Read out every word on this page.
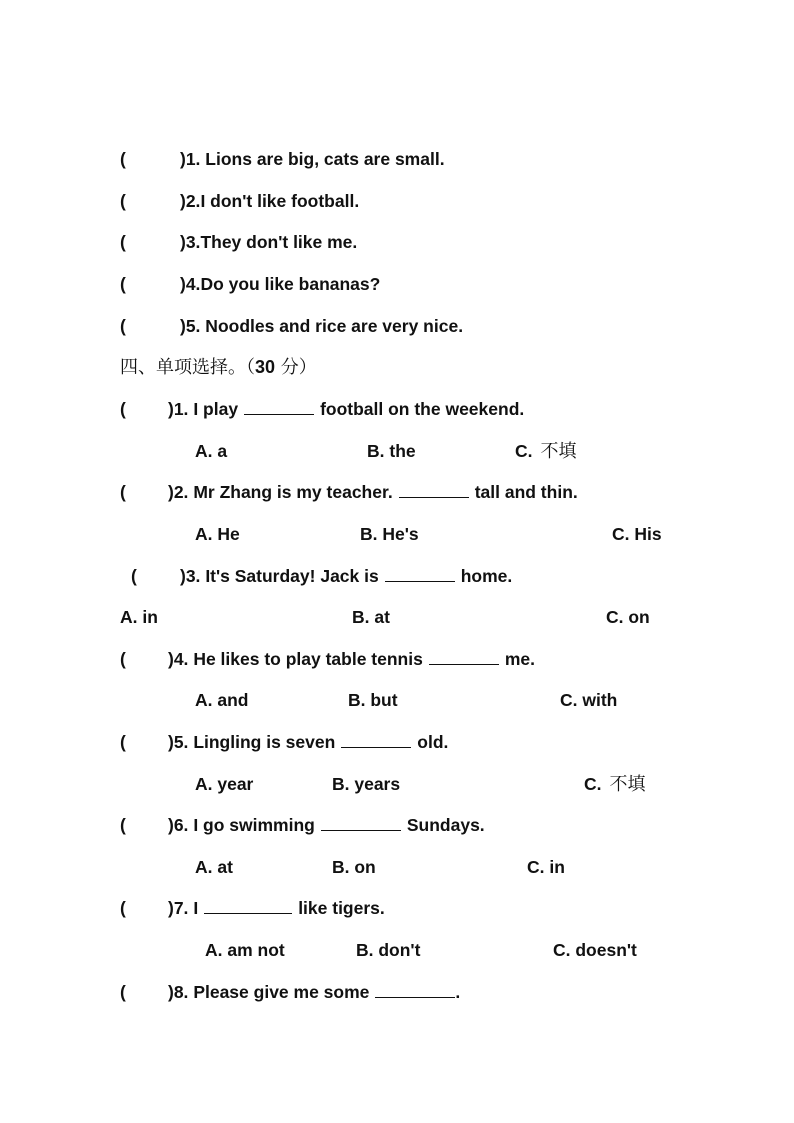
(	)1. Lions are big, cats are small.
(	)2.I don't like football.
(	)3.They don't like me.
(	)4.Do you like bananas?
(	)5. Noodles and rice are very nice.
四、单项选择。（30 分）
( )1. I play	football on the weekend.
A. a	B. the	C. 不填
( )2. Mr Zhang is my teacher.	tall and thin.
A. He	B. He's	C. His
( )3. It's Saturday! Jack is	home.
A. in	B. at	C. on
( )4. He likes to play table tennis	me.
A. and	B. but	C. with
( )5. Lingling is seven	old.
A. year	B. years	C. 不填
( )6. I go swimming	Sundays.
A. at	B. on	C. in
( )7. I	like tigers.
A. am not	B. don't	C. doesn't
( )8. Please give me some	.
